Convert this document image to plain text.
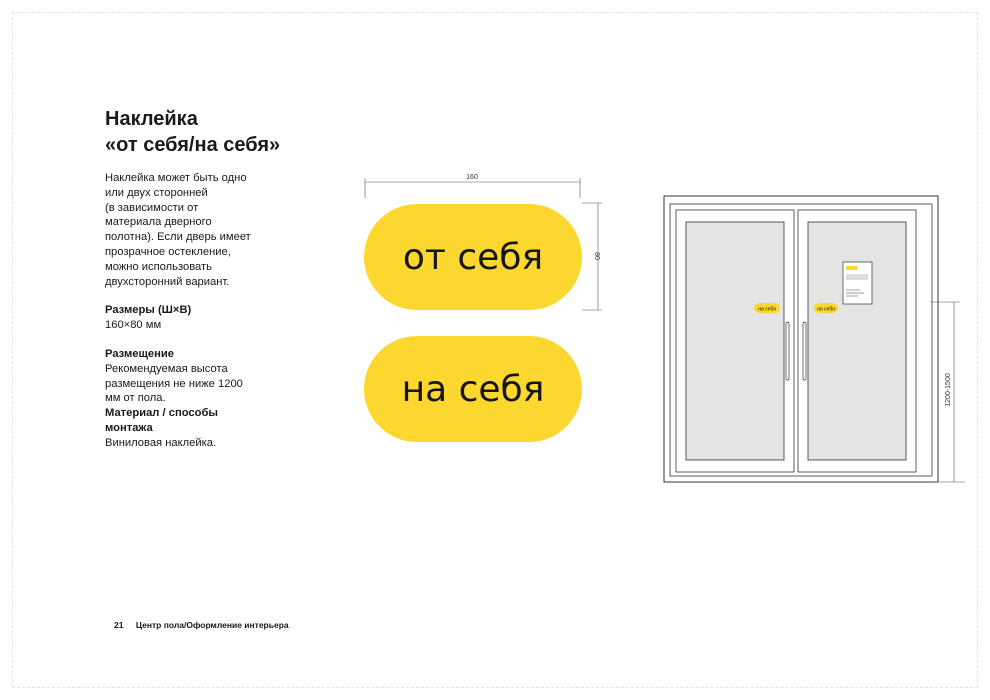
Наклейка
«от себя/на себя»
Наклейка может быть одно
или двух сторонней
(в зависимости от
материала дверного
полотна). Если дверь имеет
прозрачное остекление,
можно использовать
двухсторонний вариант.
Размеры (Ш×В)
160×80 мм
Размещение
Рекомендуемая высота
размещения не ниже 1200
мм от пола.
Материал / способы
монтажа
Виниловая наклейка.
160
80
от себя
на себя
на себя	на себя
1200-1500
21 Центр пола/Оформление интерьера
